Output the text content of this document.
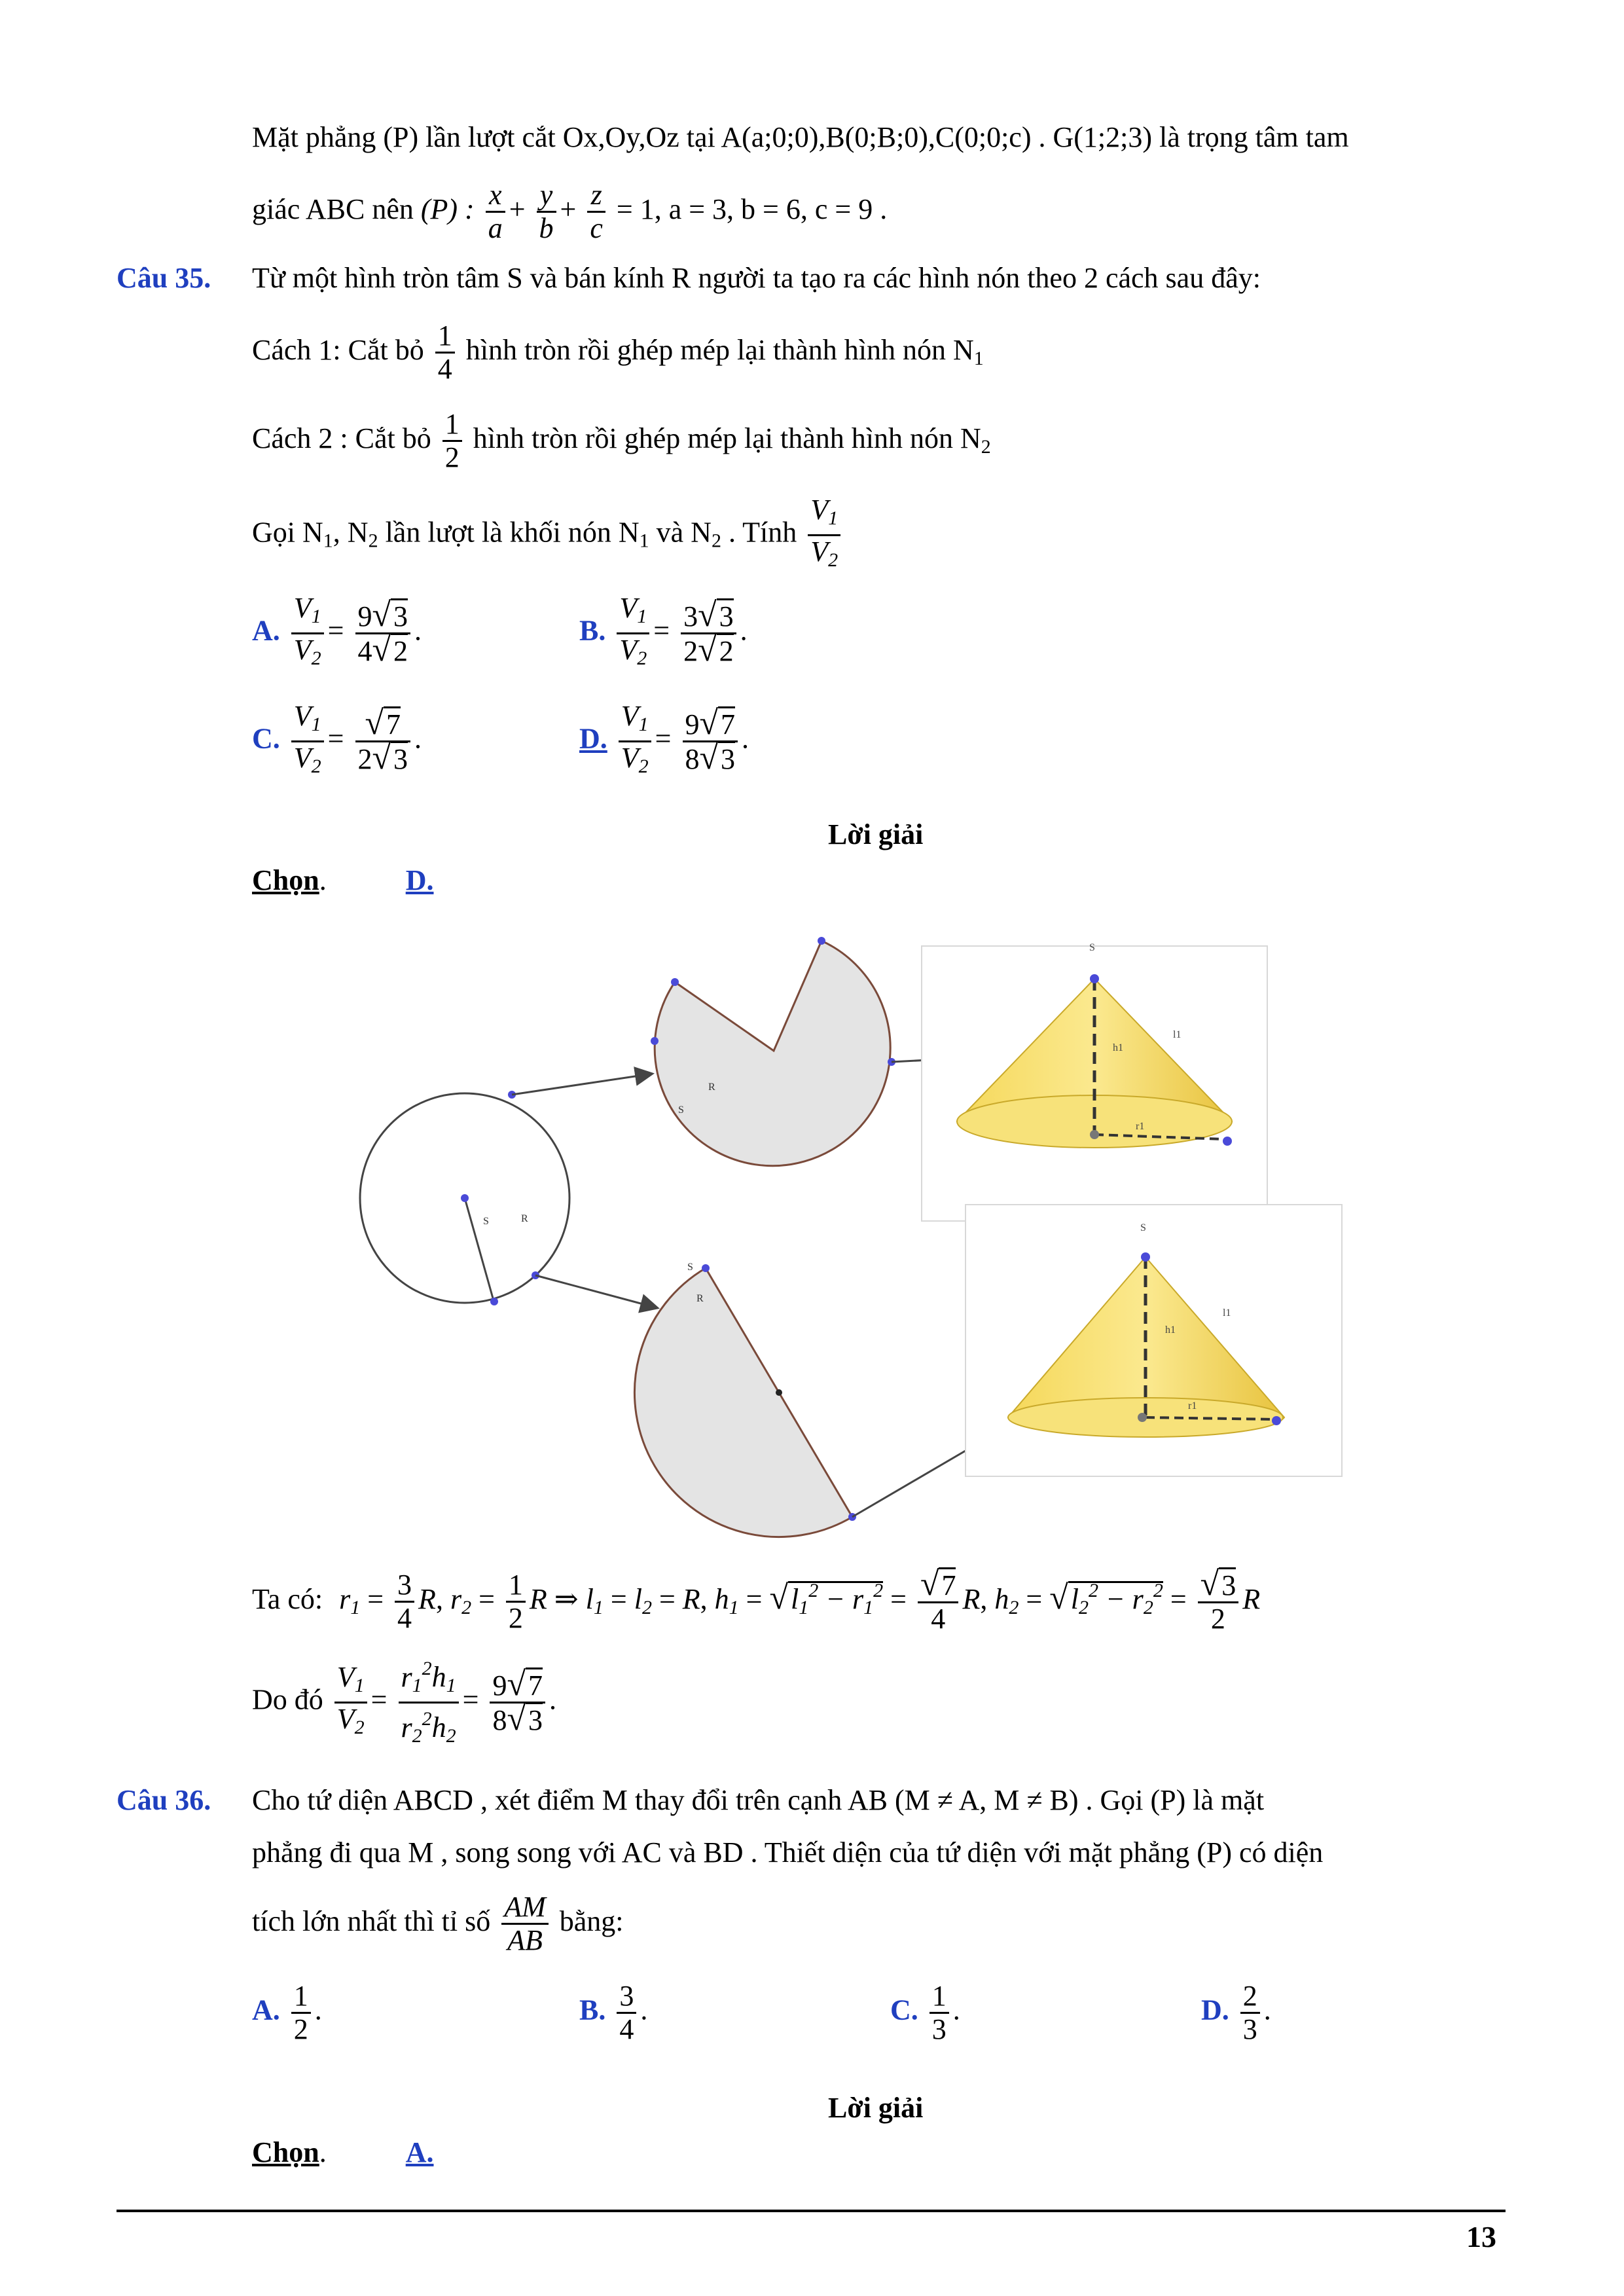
Mặt phẳng (P) lần lượt cắt Ox,Oy,Oz tại A(a;0;0),B(0;B;0),C(0;0;c) . G(1;2;3) là trọng tâm tam
giác ABC nên (P) : $\frac{x}{a} + \frac{y}{b} + \frac{z}{c} = 1$, a = 3, b = 6, c = 9 .
Câu 35. Từ một hình tròn tâm S và bán kính R người ta tạo ra các hình nón theo 2 cách sau đây:
Cách 1: Cắt bỏ $\frac{1}{4}$ hình tròn rồi ghép mép lại thành hình nón $N_1$
Cách 2 : Cắt bỏ $\frac{1}{2}$ hình tròn rồi ghép mép lại thành hình nón $N_2$
Gọi $N_1$, $N_2$ lần lượt là khối nón $N_1$ và $N_2$ . Tính $\frac{V_1}{V_2}$
A. $\frac{V_1}{V_2} = \frac{9√3}{4√2}$ .	B. $\frac{V_1}{V_2} = \frac{3√3}{2√2}$ .
C. $\frac{V_1}{V_2} = \frac{√7}{2√3}$ .	D. $\frac{V_1}{V_2} = \frac{9√7}{8√3}$ .
Lời giải
Chọn.	D.
S	R
R
S
S
R
S
h1
l1
r1
S
h1
l1
r1
Ta có: $r_1 = \frac{3}{4} R$, $r_2 = \frac{1}{2}$ R ⇒ $l_1 = l_2 = R$, $h_1 = √l_1^2 - r_1^2 = \frac{√7}{4} R$, $h_2 = √l_2^2 - r_2^2 = \frac{√3}{2}$ R
Do đó $\frac{V_1}{V_2} = \frac{r_1^2h_1}{r_2^2h_2} = \frac{9√7}{8√3}$ .
Câu 36. Cho tứ diện ABCD , xét điểm M thay đổi trên cạnh AB (M ≠ A, M ≠ B) . Gọi (P) là mặt
phẳng đi qua M , song song với AC và BD . Thiết diện của tứ diện với mặt phẳng (P) có diện
tích lớn nhất thì tỉ số $\frac{AM}{AB}$ bằng:
A. $\frac{1}{2}$ .	B. $\frac{3}{4}$ .	C. $\frac{1}{3}$ .	D. $\frac{2}{3}$ .
Lời giải
Chọn.	A.
13
